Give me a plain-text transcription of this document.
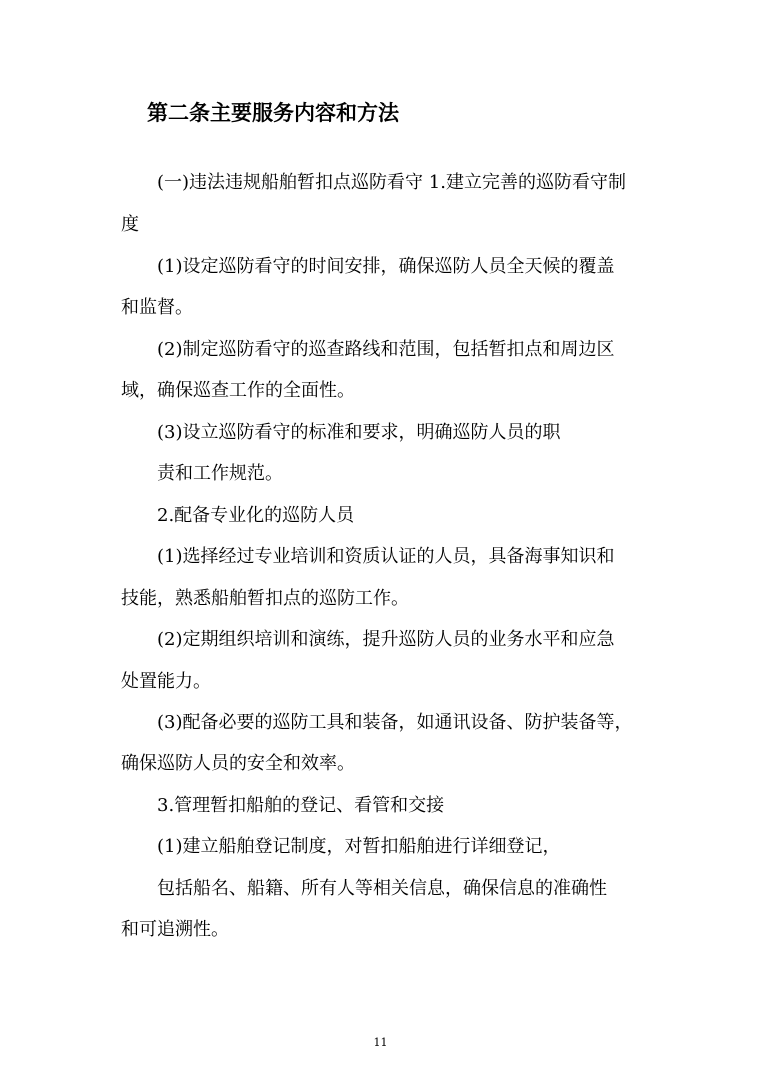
第二条主要服务内容和方法
(一)违法违规船舶暂扣点巡防看守 1.建立完善的巡防看守制
度
(1)设定巡防看守的时间安排，确保巡防人员全天候的覆盖
和监督。
(2)制定巡防看守的巡查路线和范围，包括暂扣点和周边区
域，确保巡查工作的全面性。
(3)设立巡防看守的标准和要求，明确巡防人员的职
责和工作规范。
2.配备专业化的巡防人员
(1)选择经过专业培训和资质认证的人员，具备海事知识和
技能，熟悉船舶暂扣点的巡防工作。
(2)定期组织培训和演练，提升巡防人员的业务水平和应急
处置能力。
(3)配备必要的巡防工具和装备，如通讯设备、防护装备等，
确保巡防人员的安全和效率。
3.管理暂扣船舶的登记、看管和交接
(1)建立船舶登记制度，对暂扣船舶进行详细登记，
包括船名、船籍、所有人等相关信息，确保信息的准确性
和可追溯性。
11
